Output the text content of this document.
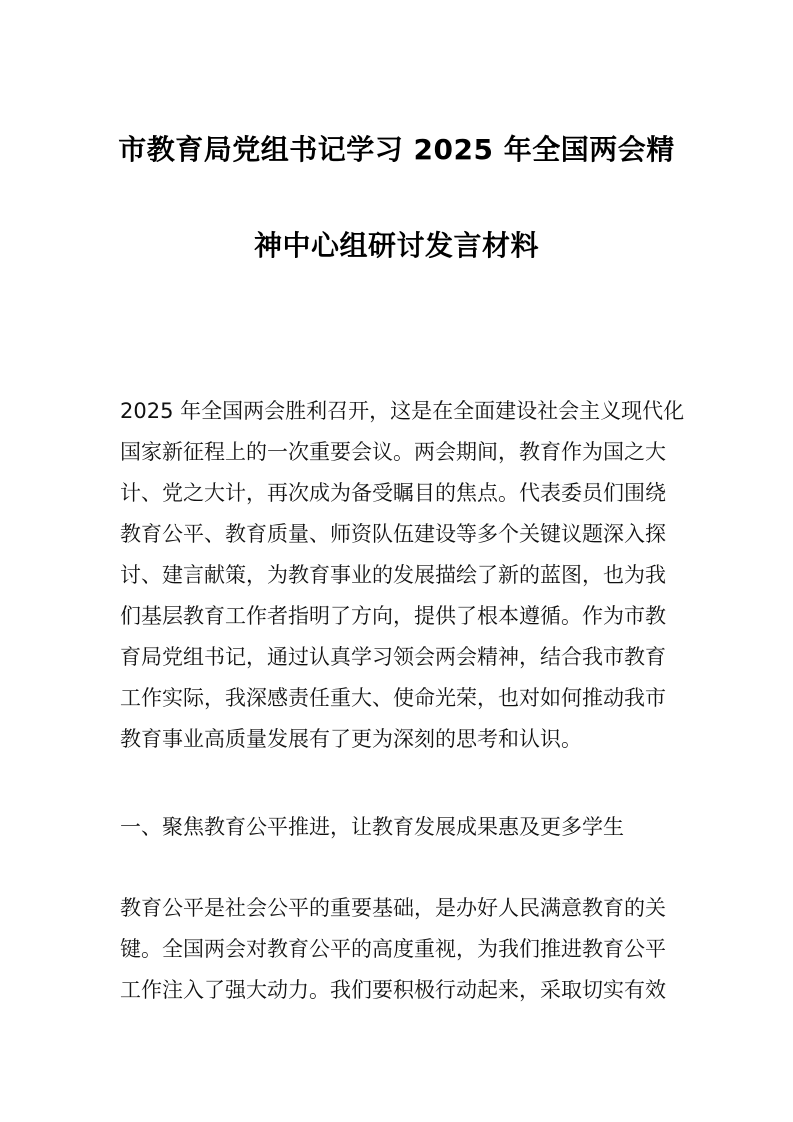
市教育局党组书记学习 2025 年全国两会精
神中心组研讨发言材料
2025 年全国两会胜利召开，这是在全面建设社会主义现代化
国家新征程上的一次重要会议。两会期间，教育作为国之大
计、党之大计，再次成为备受瞩目的焦点。代表委员们围绕
教育公平、教育质量、师资队伍建设等多个关键议题深入探
讨、建言献策，为教育事业的发展描绘了新的蓝图，也为我
们基层教育工作者指明了方向，提供了根本遵循。作为市教
育局党组书记，通过认真学习领会两会精神，结合我市教育
工作实际，我深感责任重大、使命光荣，也对如何推动我市
教育事业高质量发展有了更为深刻的思考和认识。
一、聚焦教育公平推进，让教育发展成果惠及更多学生
教育公平是社会公平的重要基础，是办好人民满意教育的关
键。全国两会对教育公平的高度重视，为我们推进教育公平
工作注入了强大动力。我们要积极行动起来，采取切实有效
